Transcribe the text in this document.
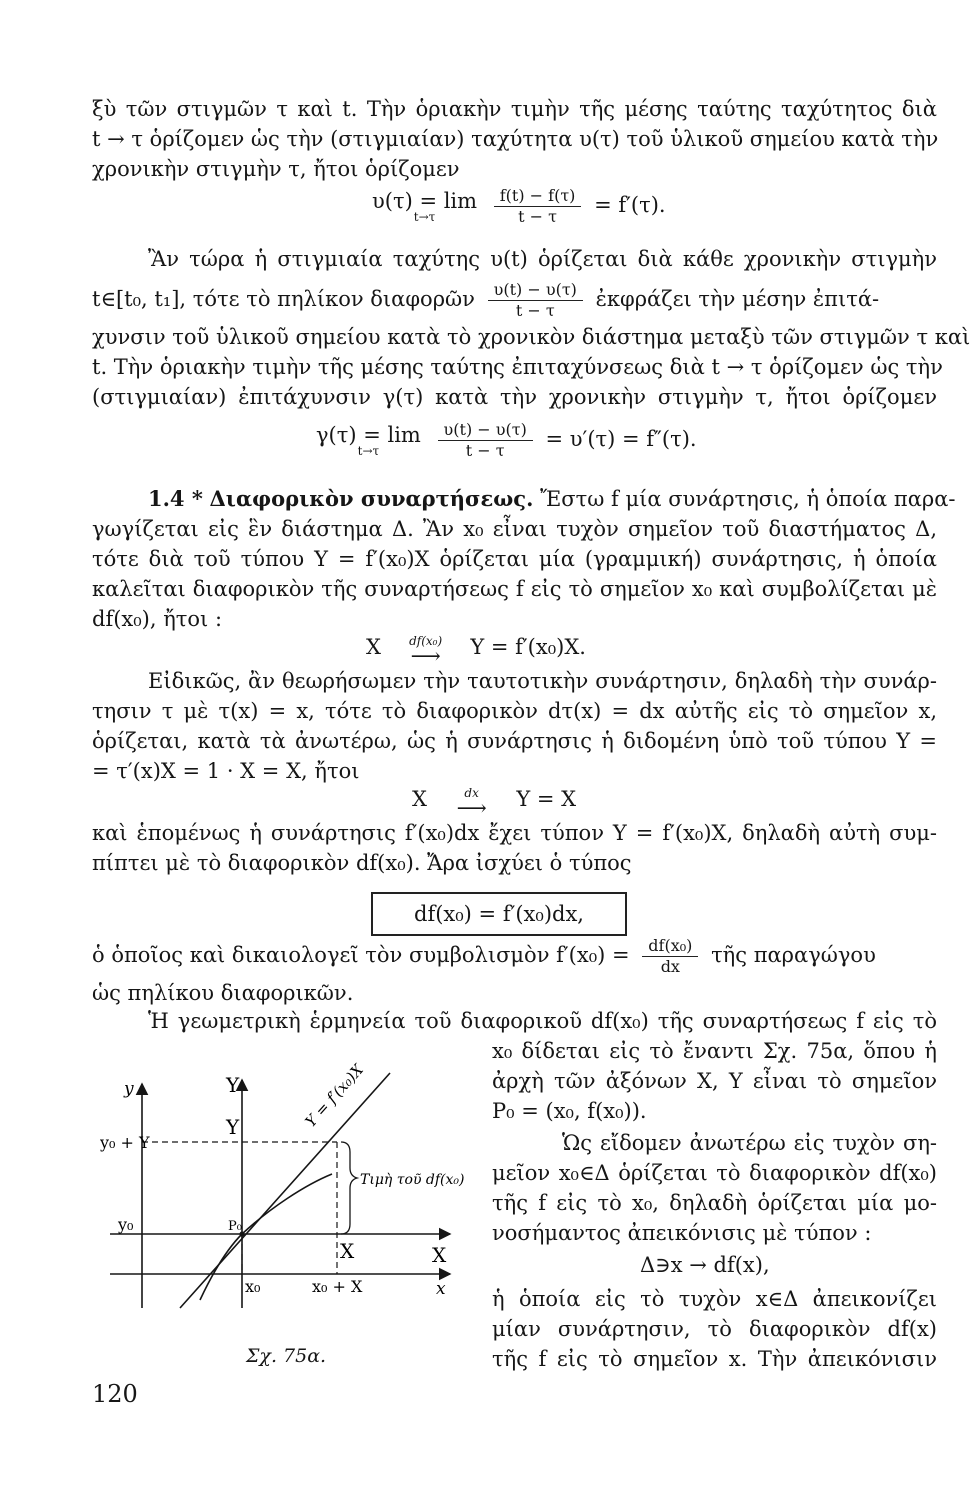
ξὺ τῶν στιγμῶν τ καὶ t. Τὴν ὁριακὴν τιμὴν τῆς μέσης ταύτης ταχύτητος διὰ
t → τ ὁρίζομεν ὡς τὴν (στιγμιαίαν) ταχύτητα υ(τ) τοῦ ὑλικοῦ σημείου κατὰ τὴν
χρονικὴν στιγμὴν τ, ἤτοι ὁρίζομεν
υ(τ) = lim
t→τ
	$\frac{f(t) - f(\tau)}{t - \tau} = f'(\tau)$.
Ἂν τώρα ἡ στιγμιαία ταχύτης υ(t) ὁρίζεται διὰ κάθε χρονικὴν στιγμὴν
t∈[t₀, t₁], τότε τὸ πηλίκον διαφορῶν $\frac{\upsilon(t) - \upsilon(\tau)}{t - \tau}$ ἐκφράζει τὴν μέσην ἐπιτά-
χυνσιν τοῦ ὑλικοῦ σημείου κατὰ τὸ χρονικὸν διάστημα μεταξὺ τῶν στιγμῶν τ καὶ
t. Τὴν ὁριακὴν τιμὴν τῆς μέσης ταύτης ἐπιταχύνσεως διὰ t → τ ὁρίζομεν ὡς τὴν
(στιγμιαίαν) ἐπιτάχυνσιν γ(τ) κατὰ τὴν χρονικὴν στιγμὴν τ, ἤτοι ὁρίζομεν
γ(τ) = lim
t→τ
	$\frac{\upsilon(t) - \upsilon(\tau)}{t - \tau} = \upsilon'(\tau) = f''(\tau)$.
1.4 * Διαφορικὸν συναρτήσεως. Ἔστω f μία συνάρτησις, ἡ ὁποία παρα-
γωγίζεται εἰς ἓν διάστημα Δ. Ἂν x₀ εἶναι τυχὸν σημεῖον τοῦ διαστήματος Δ,
τότε διὰ τοῦ τύπου Y = f′(x₀)X ὁρίζεται μία (γραμμική) συνάρτησις, ἡ ὁποία
καλεῖται διαφορικὸν τῆς συναρτήσεως f εἰς τὸ σημεῖον x₀ καὶ συμβολίζεται μὲ
df(x₀), ἤτοι :
X	df(x₀)
⟶	Y = f′(x₀)X.
Εἰδικῶς, ἂν θεωρήσωμεν τὴν ταυτοτικὴν συνάρτησιν, δηλαδὴ τὴν συνάρ-
τησιν τ μὲ τ(x) = x, τότε τὸ διαφορικὸν dτ(x) = dx αὐτῆς εἰς τὸ σημεῖον x,
ὁρίζεται, κατὰ τὰ ἀνωτέρω, ὡς ἡ συνάρτησις ἡ διδομένη ὑπὸ τοῦ τύπου Y =
= τ′(x)X = 1 · X = X, ἤτοι
X	dx
⟶	Y = X
καὶ ἑπομένως ἡ συνάρτησις f′(x₀)dx ἔχει τύπον Y = f′(x₀)X, δηλαδὴ αὐτὴ συμ-
πίπτει μὲ τὸ διαφορικὸν df(x₀). Ἄρα ἰσχύει ὁ τύπος
df(x₀) = f′(x₀)dx,
ὁ ὁποῖος καὶ δικαιολογεῖ τὸν συμβολισμὸν $f'(x_0) = \frac{\text{df(x₀)}}{dx}$ τῆς παραγώγου
ὡς πηλίκου διαφορικῶν.
Ἡ γεωμετρικὴ ἑρμηνεία τοῦ διαφορικοῦ df(x₀) τῆς συναρτήσεως f εἰς τὸ
x₀ δίδεται εἰς τὸ ἔναντι Σχ. 75α, ὅπου ἡ
ἀρχὴ τῶν ἀξόνων X, Y εἶναι τὸ σημεῖον
P₀ = (x₀, f(x₀)).
Ὡς εἴδομεν ἀνωτέρω εἰς τυχὸν ση-
μεῖον x₀∈Δ ὁρίζεται τὸ διαφορικὸν df(x₀)
τῆς f εἰς τὸ x₀, δηλαδὴ ὁρίζεται μία μο-
νοσήμαντος ἀπεικόνισις μὲ τύπον :
Δ∋x → df(x),
ἡ ὁποία εἰς τὸ τυχὸν x∈Δ ἀπεικονίζει
μίαν συνάρτησιν, τὸ διαφορικὸν df(x)
τῆς f εἰς τὸ σημεῖον x. Τὴν ἀπεικόνισιν
y	Y
Y	Y = f′(x₀)X
y₀ + Y
y₀	P₀
Τιμὴ τοῦ df(x₀)
X	X
x₀	x₀ + X	x
Σχ. 75α.
120
